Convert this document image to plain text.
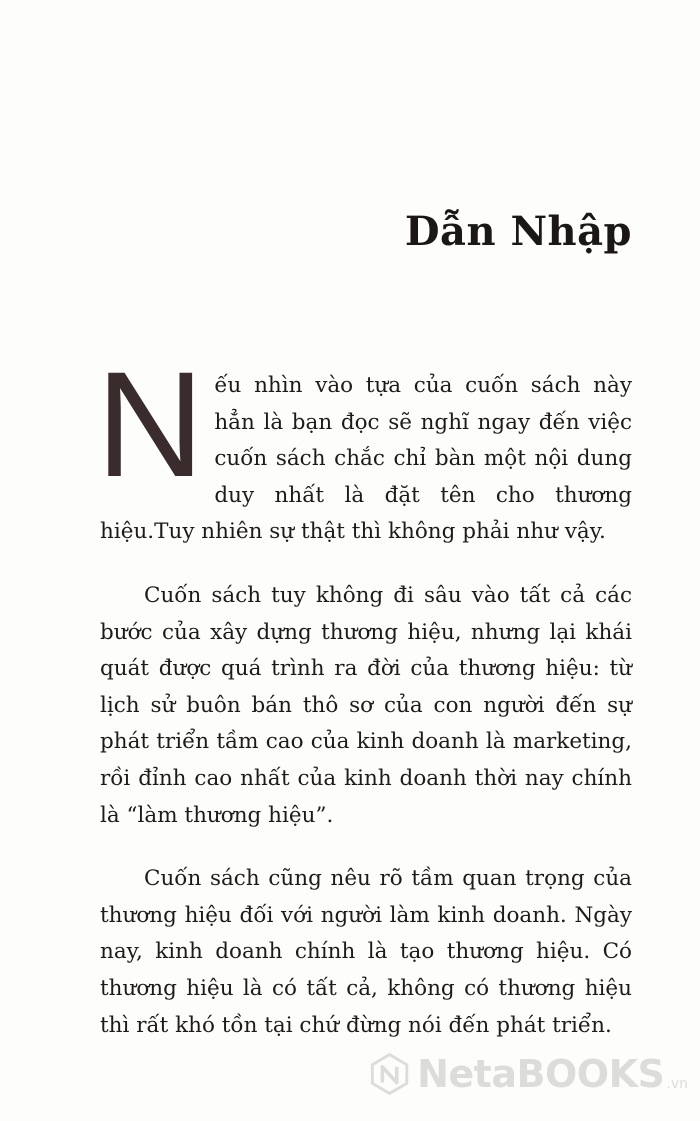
Dẫn Nhập

Nếu nhìn vào tựa của cuốn sách này hẳn là bạn đọc sẽ nghĩ ngay đến việc cuốn sách chắc chỉ bàn một nội dung duy nhất là đặt tên cho thương hiệu.Tuy nhiên sự thật thì không phải như vậy.

Cuốn sách tuy không đi sâu vào tất cả các bước của xây dựng thương hiệu, nhưng lại khái quát được quá trình ra đời của thương hiệu: từ lịch sử buôn bán thô sơ của con người đến sự phát triển tầm cao của kinh doanh là marketing, rồi đỉnh cao nhất của kinh doanh thời nay chính là “làm thương hiệu”.

Cuốn sách cũng nêu rõ tầm quan trọng của thương hiệu đối với người làm kinh doanh. Ngày nay, kinh doanh chính là tạo thương hiệu. Có thương hiệu là có tất cả, không có thương hiệu thì rất khó tồn tại chứ đừng nói đến phát triển.

NetaBOOKS .vn
